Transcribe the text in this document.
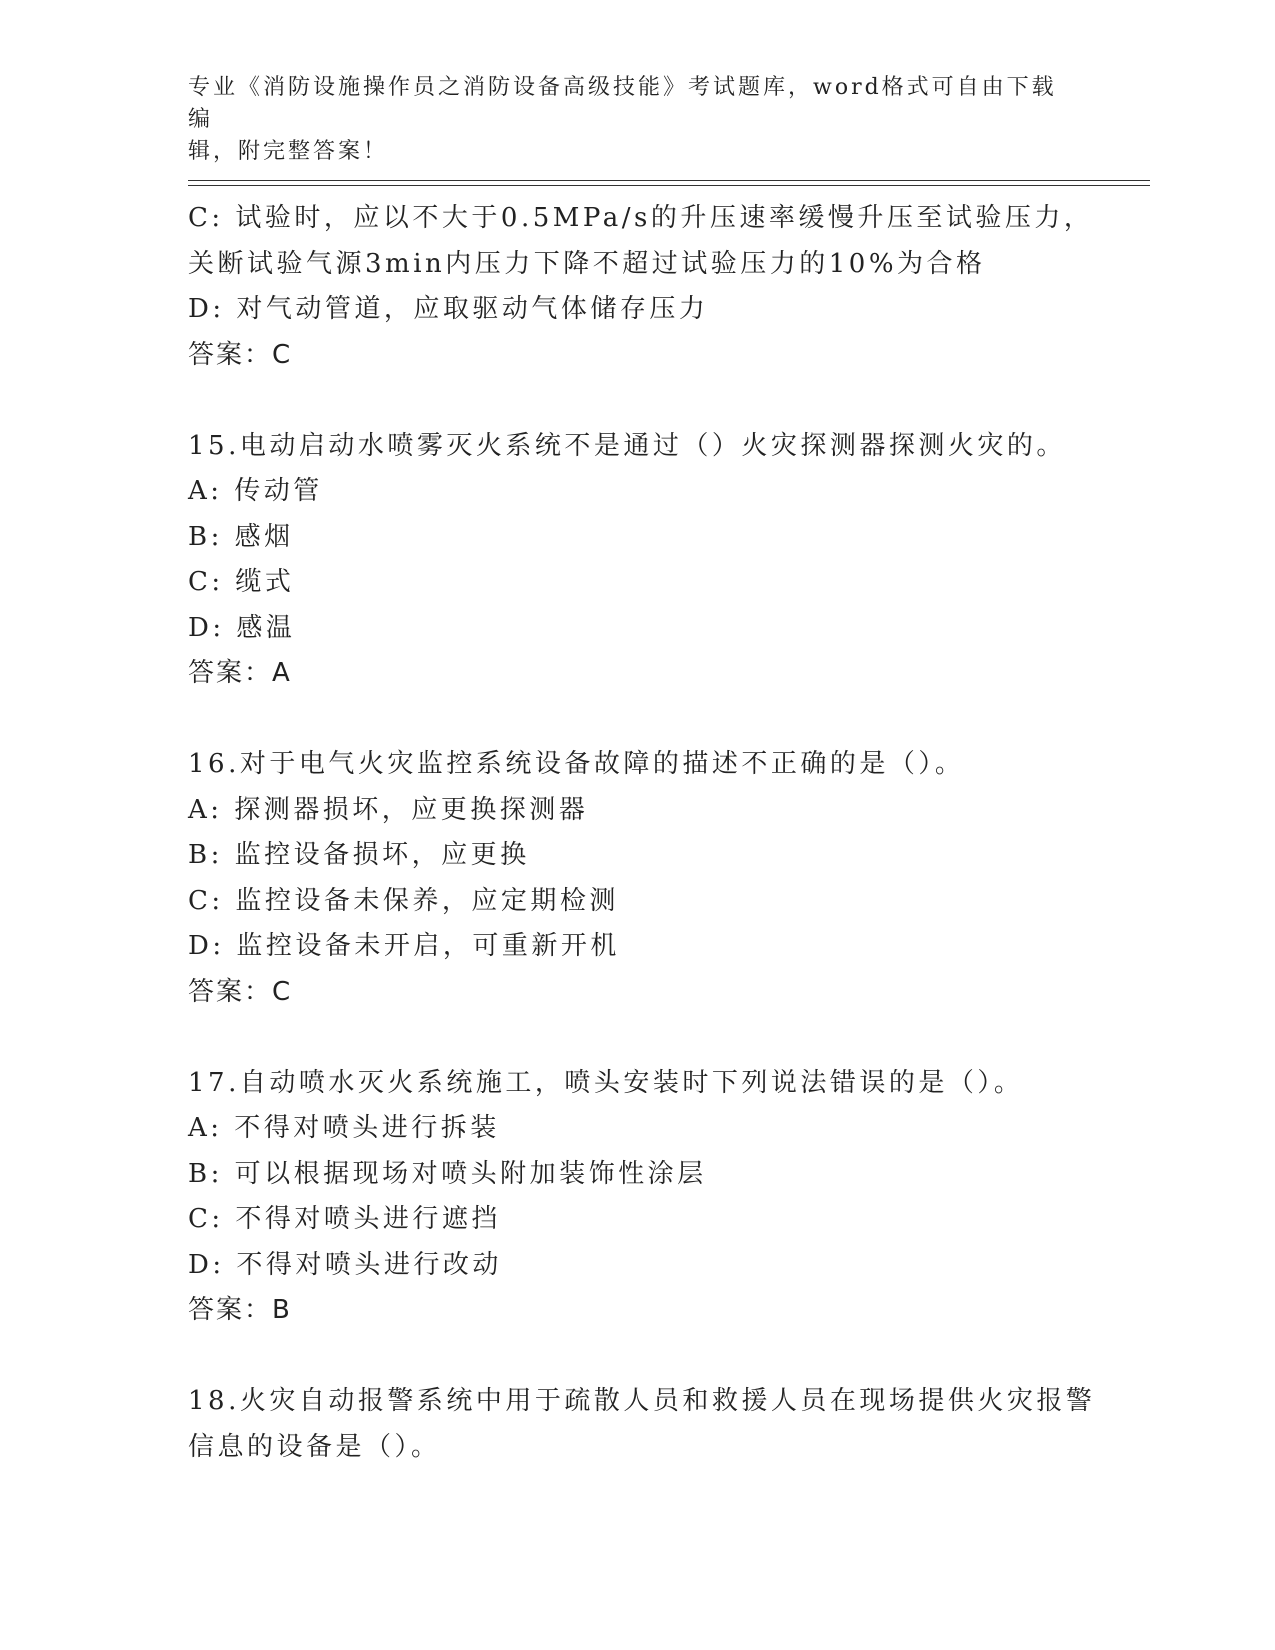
专业《消防设施操作员之消防设备高级技能》考试题库，word格式可自由下载编
辑，附完整答案！
C: 试验时，应以不大于0.5MPa/s的升压速率缓慢升压至试验压力，
关断试验气源3min内压力下降不超过试验压力的10%为合格
D: 对气动管道，应取驱动气体储存压力
答案：C
15.电动启动水喷雾灭火系统不是通过（）火灾探测器探测火灾的。
A: 传动管
B: 感烟
C: 缆式
D: 感温
答案：A
16.对于电气火灾监控系统设备故障的描述不正确的是（）。
A: 探测器损坏，应更换探测器
B: 监控设备损坏，应更换
C: 监控设备未保养，应定期检测
D: 监控设备未开启，可重新开机
答案：C
17.自动喷水灭火系统施工，喷头安装时下列说法错误的是（）。
A: 不得对喷头进行拆装
B: 可以根据现场对喷头附加装饰性涂层
C: 不得对喷头进行遮挡
D: 不得对喷头进行改动
答案：B
18.火灾自动报警系统中用于疏散人员和救援人员在现场提供火灾报警
信息的设备是（）。
